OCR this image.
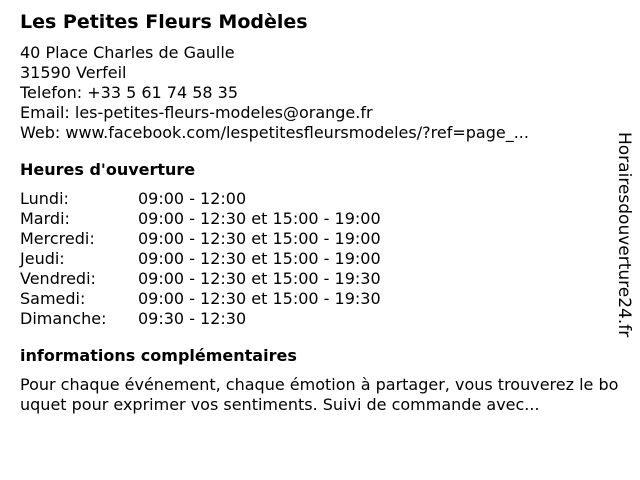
Les Petites Fleurs Modèles
40 Place Charles de Gaulle
31590 Verfeil
Telefon: +33 5 61 74 58 35
Email: les-petites-fleurs-modeles@orange.fr
Web: www.facebook.com/lespetitesfleursmodeles/?ref=page_...
Heures d'ouverture
Lundi:	09:00 - 12:00
Mardi:	09:00 - 12:30 et 15:00 - 19:00
Mercredi:	09:00 - 12:30 et 15:00 - 19:00
Jeudi:	09:00 - 12:30 et 15:00 - 19:00
Vendredi:	09:00 - 12:30 et 15:00 - 19:30
Samedi:	09:00 - 12:30 et 15:00 - 19:30
Dimanche:	09:30 - 12:30
informations complémentaires
Pour chaque événement, chaque émotion à partager, vous trouverez le bouquet pour exprimer vos sentiments. Suivi de commande avec...
Horairesdouverture24.fr
